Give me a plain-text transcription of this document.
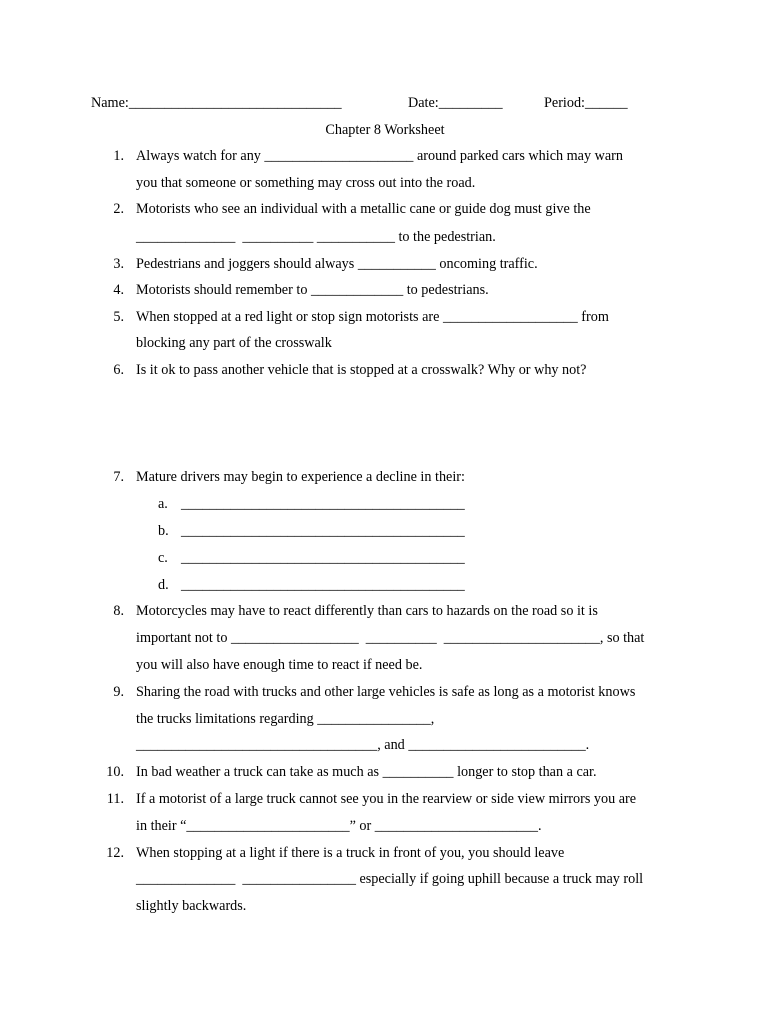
Name:______________________________	Date:_________	Period:______
Chapter 8 Worksheet
1. Always watch for any _____________________ around parked cars which may warn
you that someone or something may cross out into the road.
2. Motorists who see an individual with a metallic cane or guide dog must give the
______________  __________ ___________ to the pedestrian.
3. Pedestrians and joggers should always ___________ oncoming traffic.
4. Motorists should remember to _____________ to pedestrians.
5. When stopped at a red light or stop sign motorists are ___________________ from
blocking any part of the crosswalk
6. Is it ok to pass another vehicle that is stopped at a crosswalk? Why or why not?
7. Mature drivers may begin to experience a decline in their:
a. ________________________________________
b. ________________________________________
c. ________________________________________
d. ________________________________________
8. Motorcycles may have to react differently than cars to hazards on the road so it is
important not to __________________  __________  ______________________, so that
you will also have enough time to react if need be.
9. Sharing the road with trucks and other large vehicles is safe as long as a motorist knows
the trucks limitations regarding ________________,
__________________________________, and _________________________.
10. In bad weather a truck can take as much as __________ longer to stop than a car.
11. If a motorist of a large truck cannot see you in the rearview or side view mirrors you are
in their “_______________________” or _______________________.
12. When stopping at a light if there is a truck in front of you, you should leave
______________  ________________ especially if going uphill because a truck may roll
slightly backwards.
